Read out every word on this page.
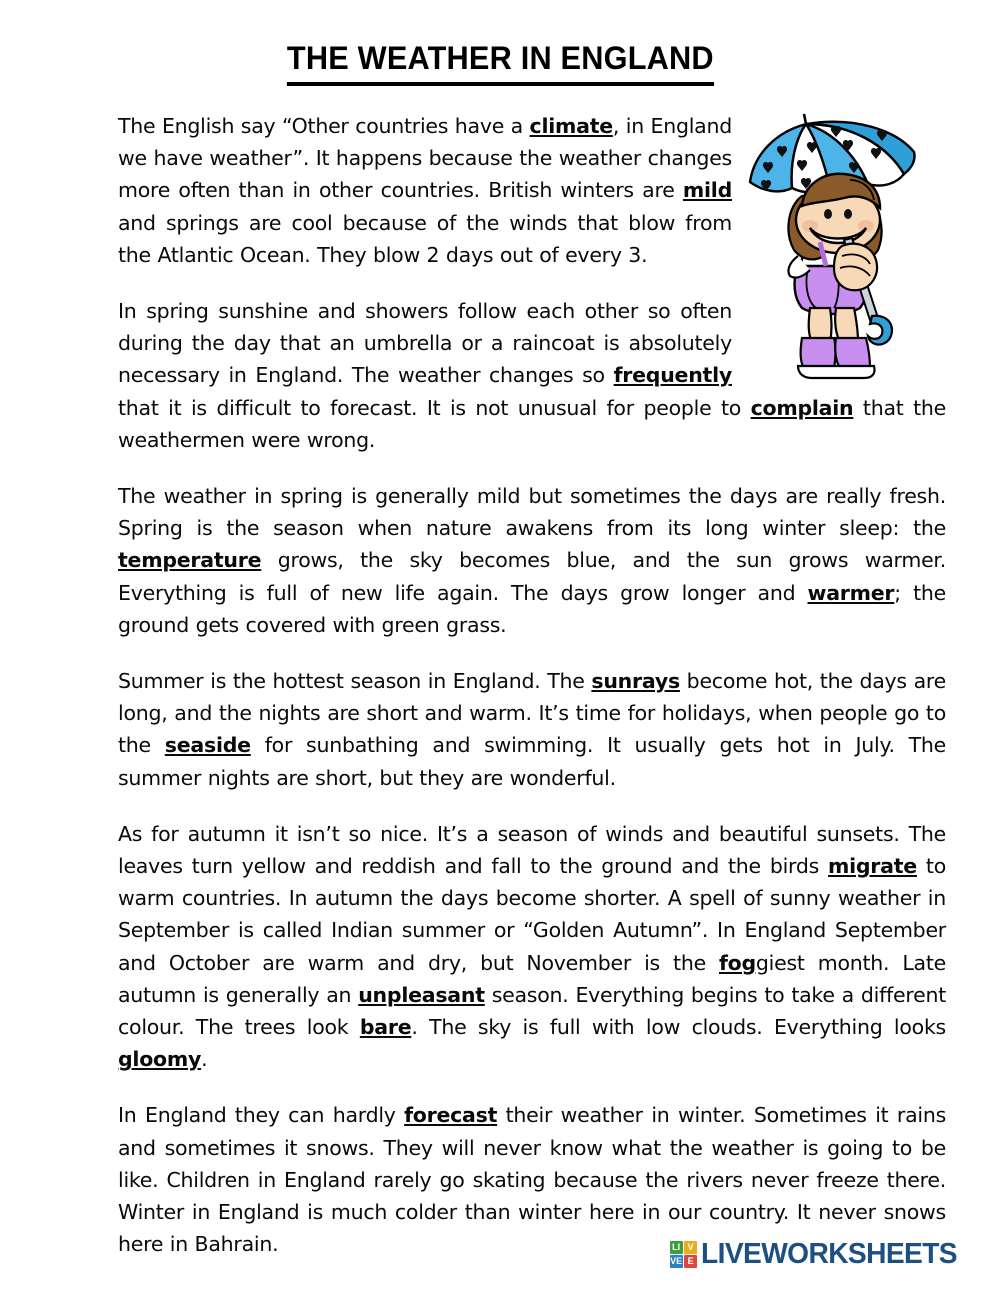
THE WEATHER IN ENGLAND

The English say “Other countries have a climate, in England we have weather”. It happens because the weather changes more often than in other countries. British winters are mild and springs are cool because of the winds that blow from the Atlantic Ocean. They blow 2 days out of every 3.

In spring sunshine and showers follow each other so often during the day that an umbrella or a raincoat is absolutely necessary in England. The weather changes so frequently that it is difficult to forecast. It is not unusual for people to complain that the weathermen were wrong.

The weather in spring is generally mild but sometimes the days are really fresh. Spring is the season when nature awakens from its long winter sleep: the temperature grows, the sky becomes blue, and the sun grows warmer. Everything is full of new life again. The days grow longer and warmer; the ground gets covered with green grass.

Summer is the hottest season in England. The sunrays become hot, the days are long, and the nights are short and warm. It’s time for holidays, when people go to the seaside for sunbathing and swimming. It usually gets hot in July. The summer nights are short, but they are wonderful.

As for autumn it isn’t so nice. It’s a season of winds and beautiful sunsets. The leaves turn yellow and reddish and fall to the ground and the birds migrate to warm countries. In autumn the days become shorter. A spell of sunny weather in September is called Indian summer or “Golden Autumn”. In England September and October are warm and dry, but November is the foggiest month. Late autumn is generally an unpleasant season. Everything begins to take a different colour. The trees look bare. The sky is full with low clouds. Everything looks gloomy.

In England they can hardly forecast their weather in winter. Sometimes it rains and sometimes it snows. They will never know what the weather is going to be like. Children in England rarely go skating because the rivers never freeze there. Winter in England is much colder than winter here in our country. It never snows here in Bahrain.	LI V
VE E LIVEWORKSHEETS
